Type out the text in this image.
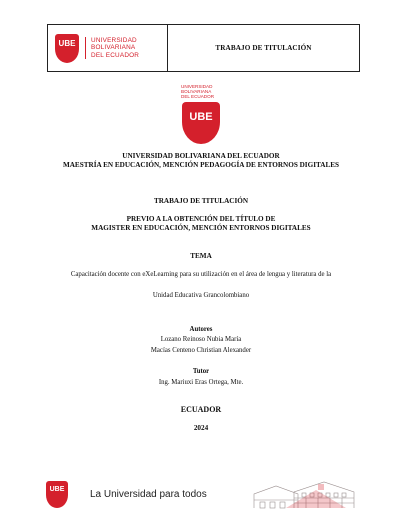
UBE UNIVERSIDAD
BOLIVARIANA
DEL ECUADOR
TRABAJO DE TITULACIÓN
UNIVERSIDAD
BOLIVARIANA
DEL ECUADOR
UBE
UNIVERSIDAD BOLIVARIANA DEL ECUADOR
MAESTRÍA EN EDUCACIÓN, MENCIÓN PEDAGOGÍA DE ENTORNOS DIGITALES
TRABAJO DE TITULACIÓN
PREVIO A LA OBTENCIÓN DEL TÍTULO DE
MAGISTER EN EDUCACIÓN, MENCIÓN ENTORNOS DIGITALES
TEMA
Capacitación docente con eXeLearning para su utilización en el área de lengua y literatura de la
Unidad Educativa Grancolombiano
Autores
Lozano Reinoso Nubia María
Macías Centeno Christian Alexander
Tutor
Ing. Mariuxi Eras Ortega, Mte.
ECUADOR
2024
UBE	La Universidad para todos
